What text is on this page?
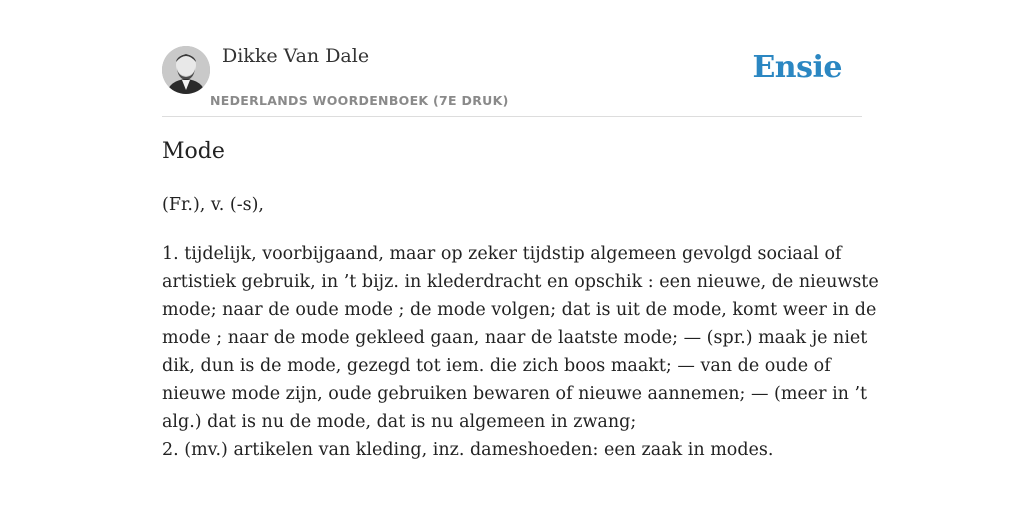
Dikke Van Dale
NEDERLANDS WOORDENBOEK (7E DRUK)
Ensie
Mode
(Fr.), v. (-s),
1. tijdelijk, voorbijgaand, maar op zeker tijdstip algemeen gevolgd sociaal of
artistiek gebruik, in ’t bijz. in klederdracht en opschik : een nieuwe, de nieuwste
mode; naar de oude mode ; de mode volgen; dat is uit de mode, komt weer in de
mode ; naar de mode gekleed gaan, naar de laatste mode; — (spr.) maak je niet
dik, dun is de mode, gezegd tot iem. die zich boos maakt; — van de oude of
nieuwe mode zijn, oude gebruiken bewaren of nieuwe aannemen; — (meer in ’t
alg.) dat is nu de mode, dat is nu algemeen in zwang;
2. (mv.) artikelen van kleding, inz. dameshoeden: een zaak in modes.
